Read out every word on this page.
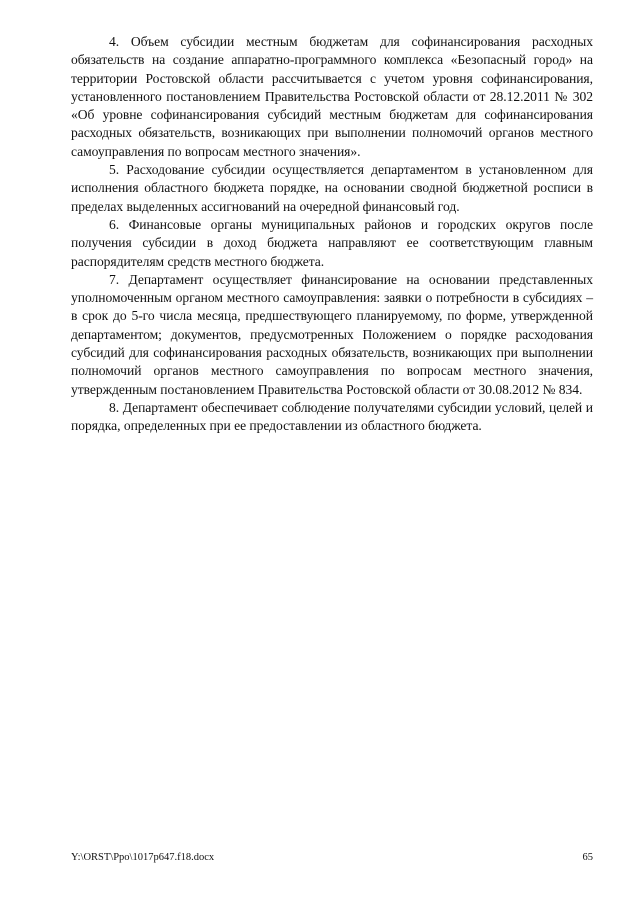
4. Объем субсидии местным бюджетам для софинансирования расходных обязательств на создание аппаратно-программного комплекса «Безопасный город» на территории Ростовской области рассчитывается с учетом уровня софинансирования, установленного постановлением Правительства Ростовской области от 28.12.2011 № 302 «Об уровне софинансирования субсидий местным бюджетам для софинансирования расходных обязательств, возникающих при выполнении полномочий органов местного самоуправления по вопросам местного значения».

5. Расходование субсидии осуществляется департаментом в установленном для исполнения областного бюджета порядке, на основании сводной бюджетной росписи в пределах выделенных ассигнований на очередной финансовый год.

6. Финансовые органы муниципальных районов и городских округов после получения субсидии в доход бюджета направляют ее соответствующим главным распорядителям средств местного бюджета.

7. Департамент осуществляет финансирование на основании представленных уполномоченным органом местного самоуправления: заявки о потребности в субсидиях – в срок до 5-го числа месяца, предшествующего планируемому, по форме, утвержденной департаментом; документов, предусмотренных Положением о порядке расходования субсидий для софинансирования расходных обязательств, возникающих при выполнении полномочий органов местного самоуправления по вопросам местного значения, утвержденным постановлением Правительства Ростовской области от 30.08.2012 № 834.

8. Департамент обеспечивает соблюдение получателями субсидии условий, целей и порядка, определенных при ее предоставлении из областного бюджета.

Y:\ORST\Ppo\1017p647.f18.docx	65
